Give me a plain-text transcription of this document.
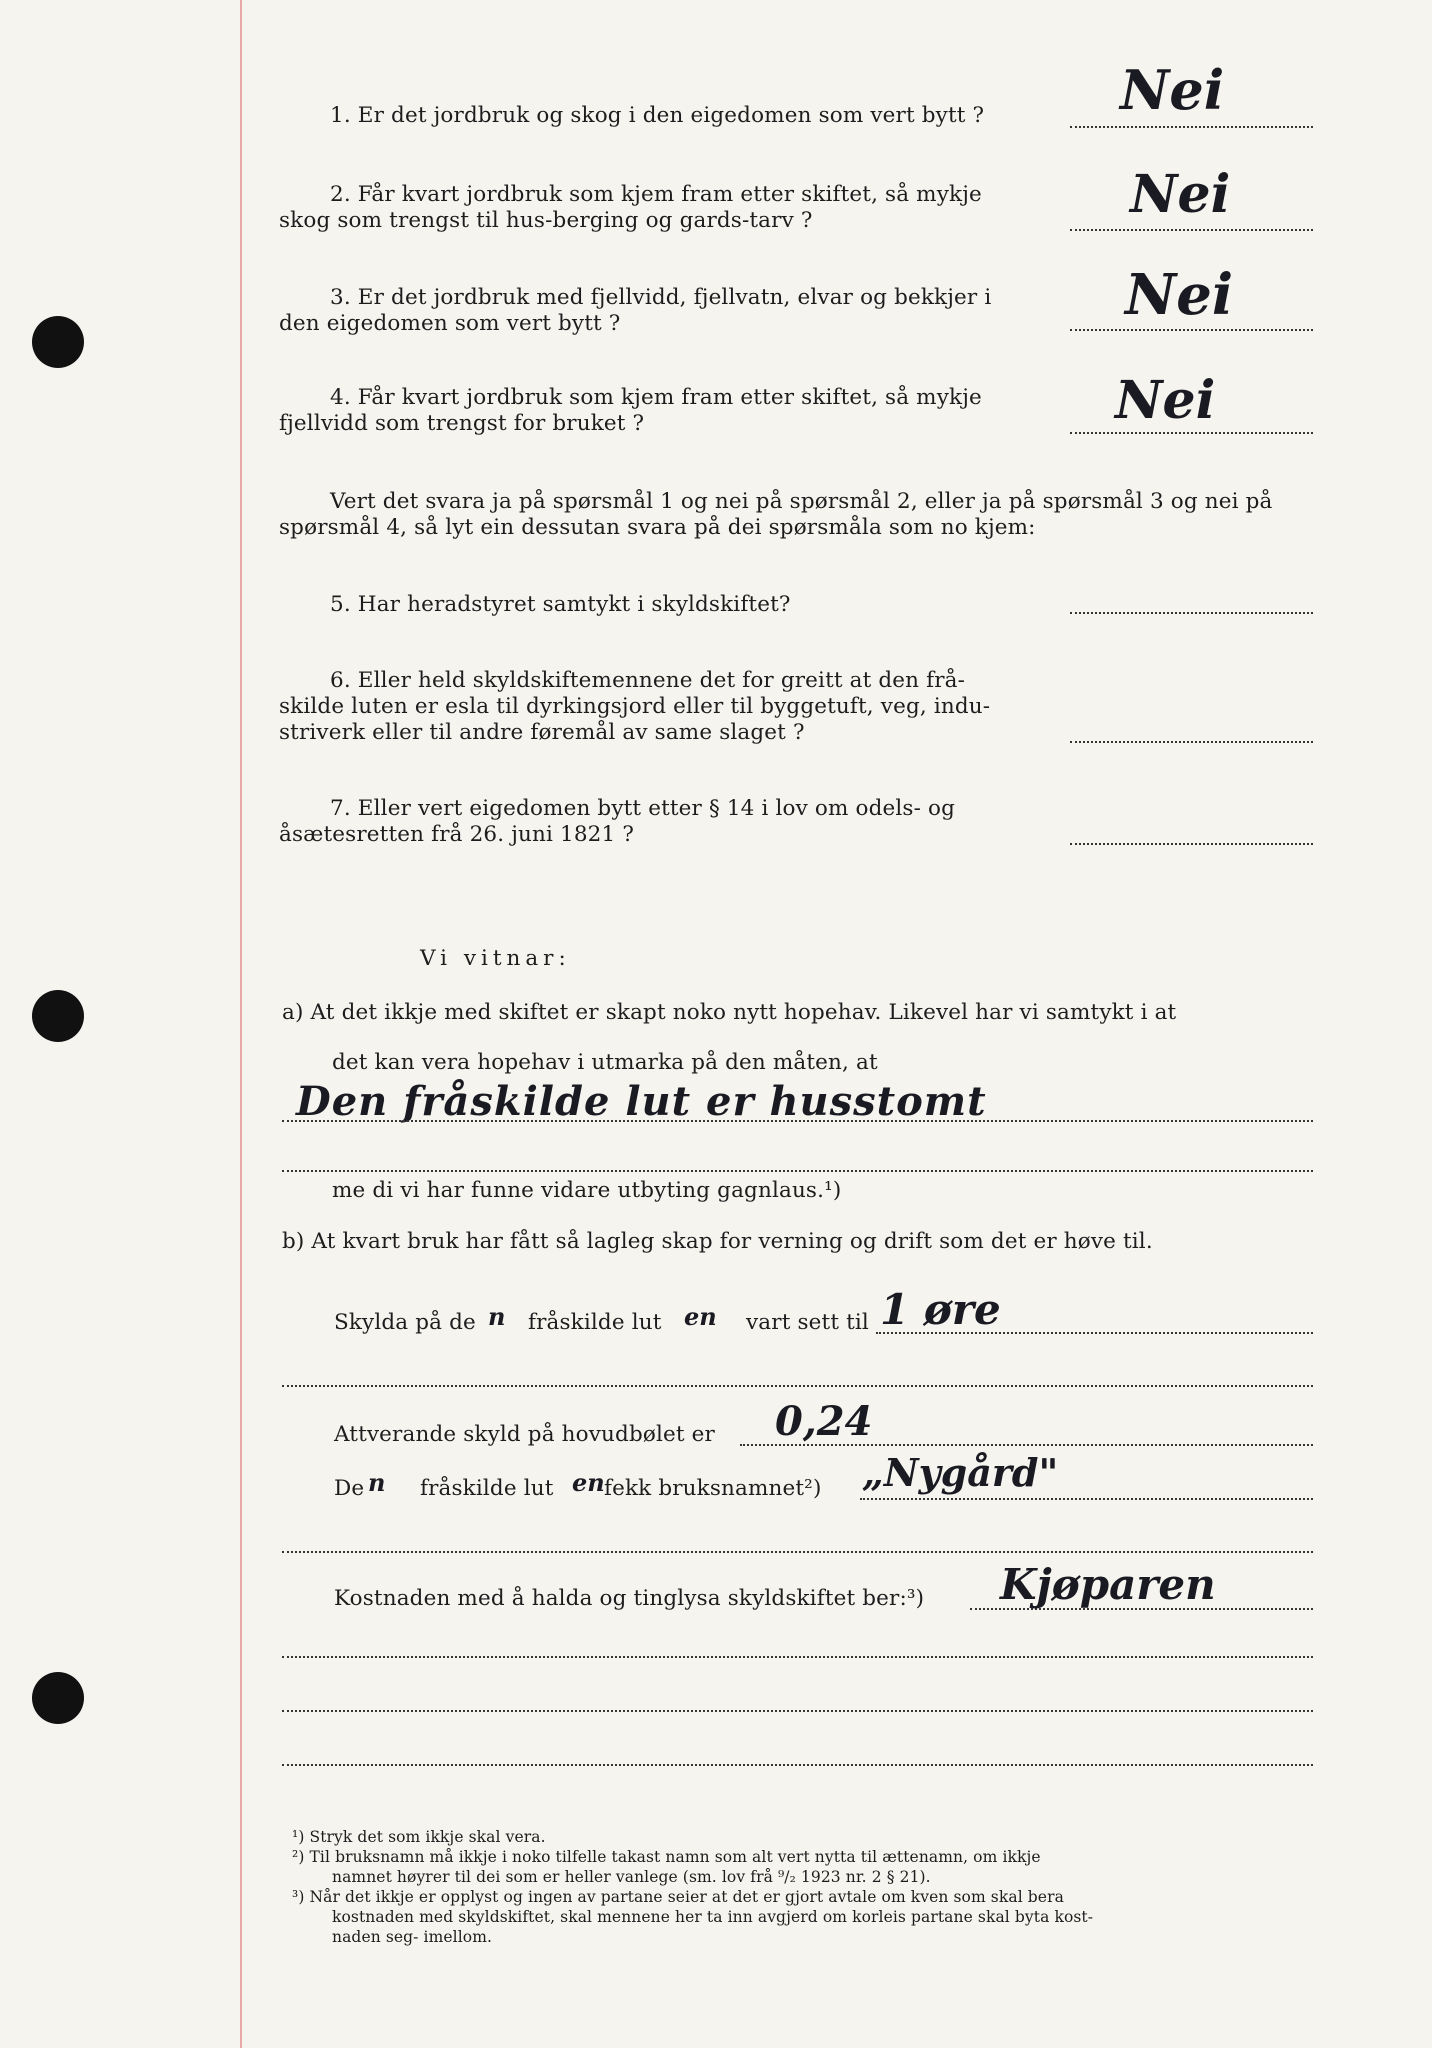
1. Er det jordbruk og skog i den eigedomen som vert bytt ?	Nei
2. Får kvart jordbruk som kjem fram etter skiftet, så mykje
skog som trengst til hus-berging og gards-tarv ?	Nei
3. Er det jordbruk med fjellvidd, fjellvatn, elvar og bekkjer i
den eigedomen som vert bytt ?	Nei
4. Får kvart jordbruk som kjem fram etter skiftet, så mykje
fjellvidd som trengst for bruket ?	Nei
Vert det svara ja på spørsmål 1 og nei på spørsmål 2, eller ja på spørsmål 3 og nei på
spørsmål 4, så lyt ein dessutan svara på dei spørsmåla som no kjem:
5. Har heradstyret samtykt i skyldskiftet?
6. Eller held skyldskiftemennene det for greitt at den frå-
skilde luten er esla til dyrkingsjord eller til byggetuft, veg, indu-
striverk eller til andre føremål av same slaget ?
7. Eller vert eigedomen bytt etter § 14 i lov om odels- og
åsætesretten frå 26. juni 1821 ?
Vi vitnar:
a) At det ikkje med skiftet er skapt noko nytt hopehav. Likevel har vi samtykt i at
det kan vera hopehav i utmarka på den måten, at
Den fråskilde lut er husstomt
me di vi har funne vidare utbyting gagnlaus.¹)
b) At kvart bruk har fått så lagleg skap for verning og drift som det er høve til.
Skylda på de n fråskilde lut en vart sett til 1 øre
Attverande skyld på hovudbølet er 0,24
De n fråskilde lut en fekk bruksnamnet²) „Nygård"
Kostnaden med å halda og tinglysa skyldskiftet ber:³) Kjøparen
¹) Stryk det som ikkje skal vera.
²) Til bruksnamn må ikkje i noko tilfelle takast namn som alt vert nytta til ættenamn, om ikkje
namnet høyrer til dei som er heller vanlege (sm. lov frå ⁹/₂ 1923 nr. 2 § 21).
³) Når det ikkje er opplyst og ingen av partane seier at det er gjort avtale om kven som skal bera
kostnaden med skyldskiftet, skal mennene her ta inn avgjerd om korleis partane skal byta kost-
naden seg- imellom.
